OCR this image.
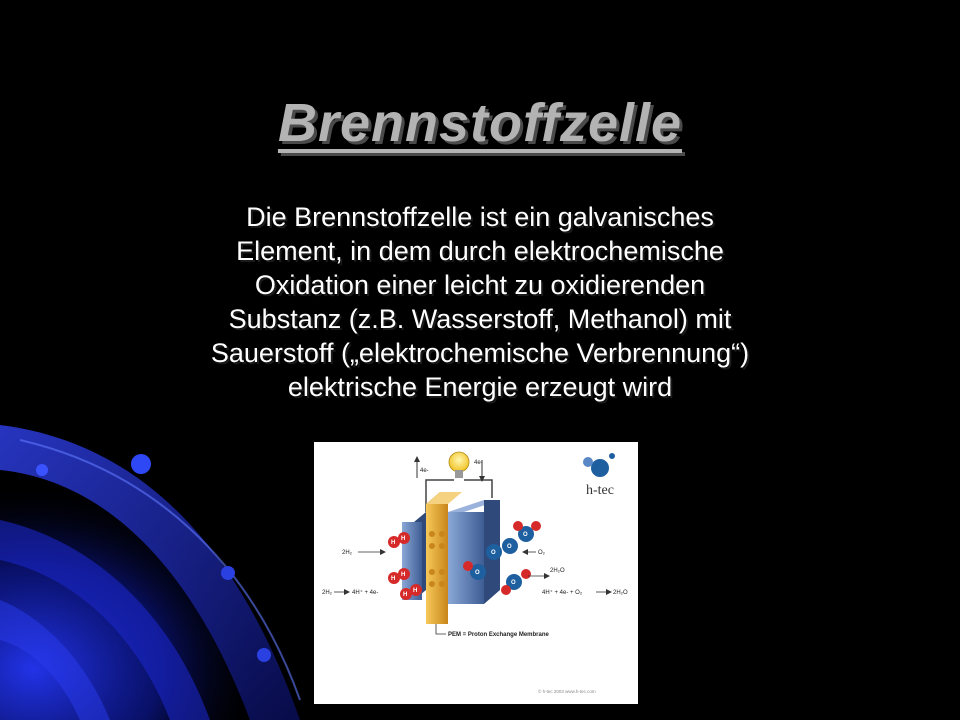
Brennstoffzelle
Die Brennstoffzelle ist ein galvanisches
Element, in dem durch elektrochemische
Oxidation einer leicht zu oxidierenden
Substanz (z.B. Wasserstoff, Methanol) mit
Sauerstoff („elektrochemische Verbrennung“)
elektrische Energie erzeugt wird
4e-
4e-
H
H
H
H
H
H
O
O
O
O
O
2H₂
2H₂	4H⁺ + 4e-
O₂
2H₂O
4H⁺ + 4e- + O₂	2H₂O
PEM = Proton Exchange Membrane
h-tec
© h-tec 2003 www.h-tec.com
